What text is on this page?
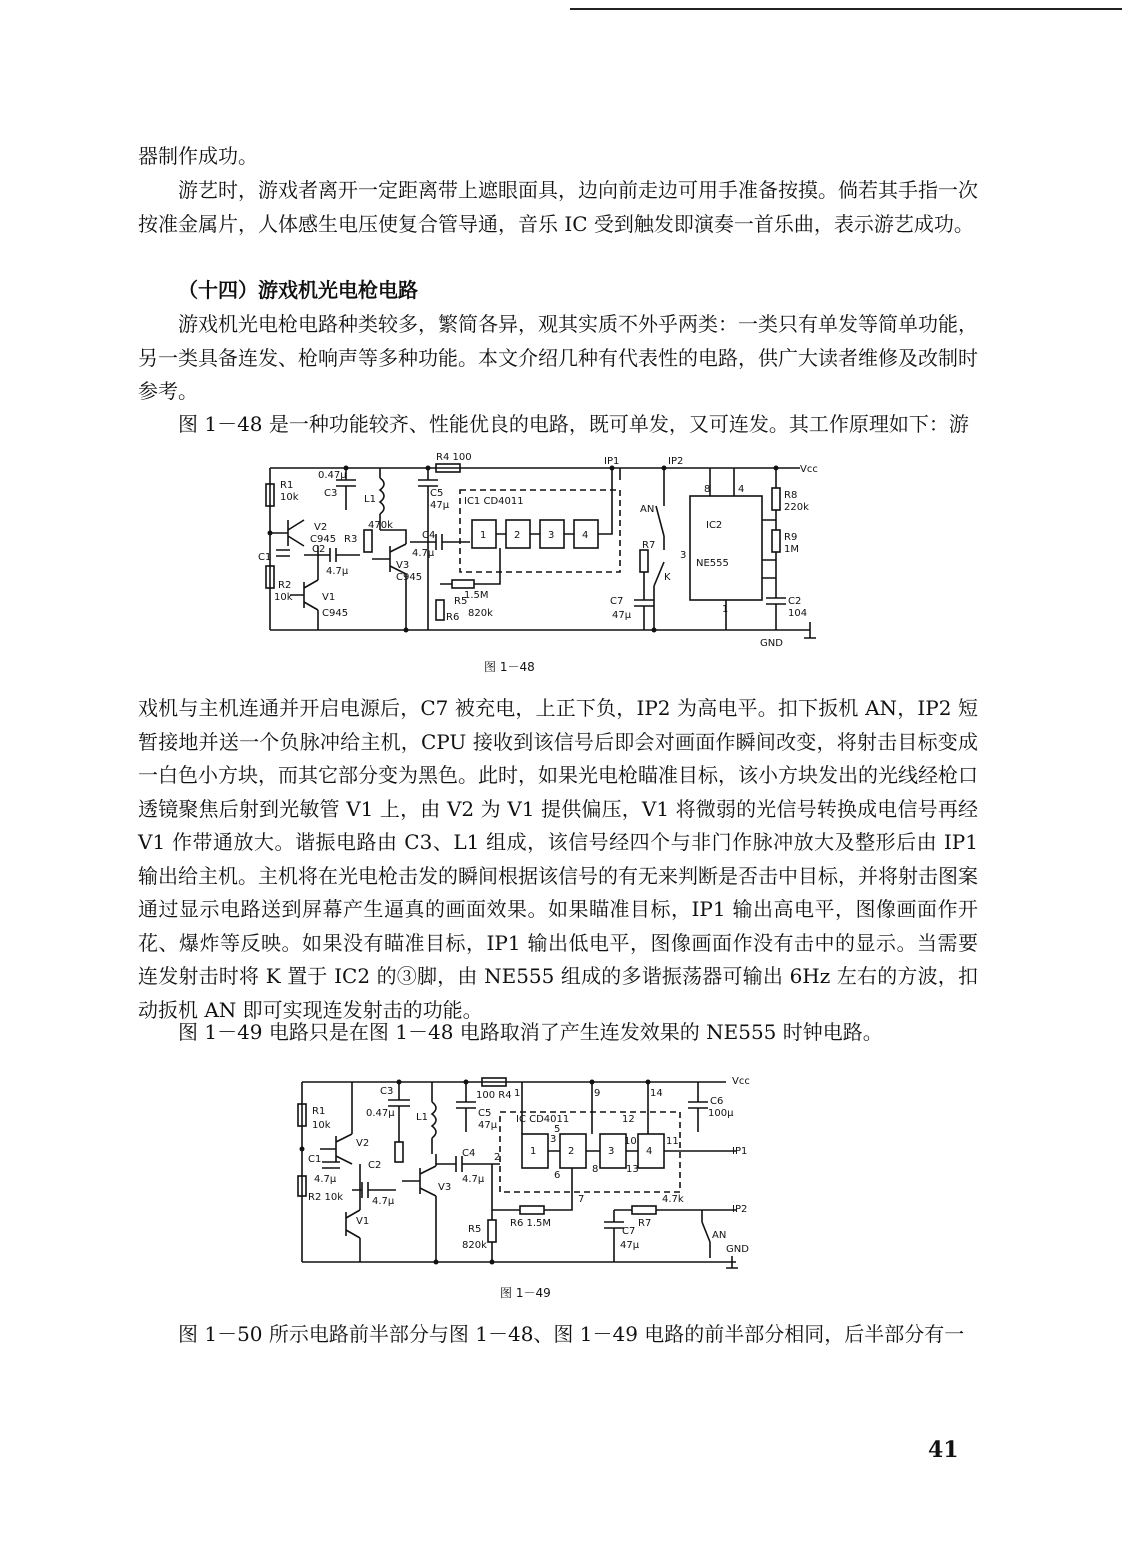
器制作成功。

游艺时，游戏者离开一定距离带上遮眼面具，边向前走边可用手准备按摸。倘若其手指一次按准金属片，人体感生电压使复合管导通，音乐 IC 受到触发即演奏一首乐曲，表示游艺成功。

（十四）游戏机光电枪电路

游戏机光电枪电路种类较多，繁简各异，观其实质不外乎两类：一类只有单发等简单功能，另一类具备连发、枪响声等多种功能。本文介绍几种有代表性的电路，供广大读者维修及改制时参考。

图 1－48 是一种功能较齐、性能优良的电路，既可单发，又可连发。其工作原理如下：游

R1
10k
0.47μ
C3
L1
R4 100
C5
47μ
IP1	IP2
Vcc
V2
C945 R3
470k
C4
IC1 CD4011
1	2	3	4
AN
IC2
NE555
8	4
3
1
R8
220k
R9
1M
C1
C2
4.7μ
4.7μ
V3
C945
R2
10k	V1
C945
R5
1.5M
R6 820k
R7
K
C7
47μ
C2
104
GND
图 1－48

戏机与主机连通并开启电源后，C7 被充电，上正下负，IP2 为高电平。扣下扳机 AN，IP2 短暂接地并送一个负脉冲给主机，CPU 接收到该信号后即会对画面作瞬间改变，将射击目标变成一白色小方块，而其它部分变为黑色。此时，如果光电枪瞄准目标，该小方块发出的光线经枪口透镜聚焦后射到光敏管 V1 上，由 V2 为 V1 提供偏压，V1 将微弱的光信号转换成电信号再经 V1 作带通放大。谐振电路由 C3、L1 组成，该信号经四个与非门作脉冲放大及整形后由 IP1 输出给主机。主机将在光电枪击发的瞬间根据该信号的有无来判断是否击中目标，并将射击图案通过显示电路送到屏幕产生逼真的画面效果。如果瞄准目标，IP1 输出高电平，图像画面作开花、爆炸等反映。如果没有瞄准目标，IP1 输出低电平，图像画面作没有击中的显示。当需要连发射击时将 K 置于 IC2 的③脚，由 NE555 组成的多谐振荡器可输出 6Hz 左右的方波，扣动扳机 AN 即可实现连发射击的功能。

图 1－49 电路只是在图 1－48 电路取消了产生连发效果的 NE555 时钟电路。

Vcc
100 R4
C3
0.47μ L1	C5
47μ
IC CD4011
C6
100μ
R1
10k
V2
C1
4.7μ
C2
4.7μ
R2 10k
V1
C4
4.7μ
V3
1	2	3	4
1	9	14
12
2
3
5
6
8
10	11
13
7
IP1
IP2
R5
820k
R6 1.5M
C7
47μ
R7
4.7k
AN
GND
图 1－49

图 1－50 所示电路前半部分与图 1－48、图 1－49 电路的前半部分相同，后半部分有一

41
